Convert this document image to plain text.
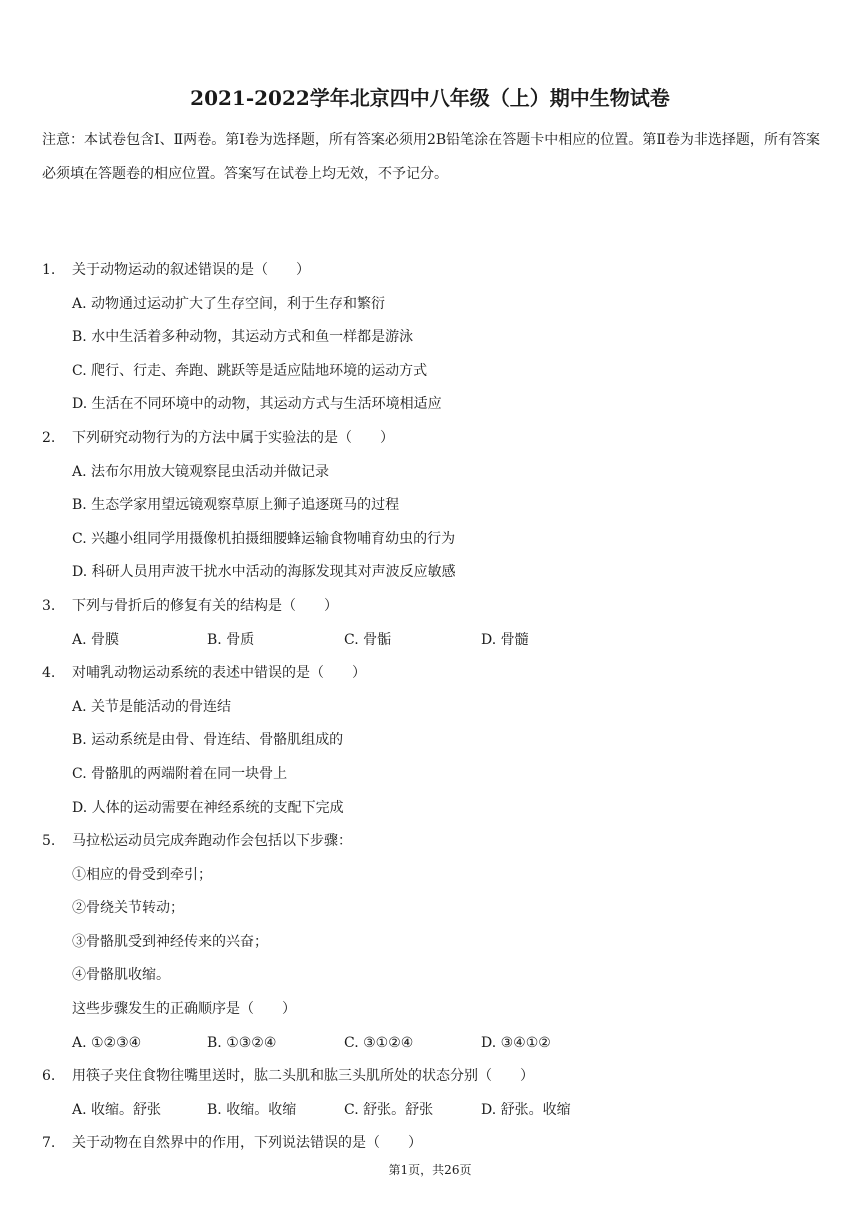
2021-2022学年北京四中八年级（上）期中生物试卷
注意：本试卷包含Ⅰ、Ⅱ两卷。第Ⅰ卷为选择题，所有答案必须用2B铅笔涂在答题卡中相应的位置。第Ⅱ卷为非选择题，所有答案必须填在答题卷的相应位置。答案写在试卷上均无效，不予记分。
1. 关于动物运动的叙述错误的是（　　）
A. 动物通过运动扩大了生存空间，利于生存和繁衍
B. 水中生活着多种动物，其运动方式和鱼一样都是游泳
C. 爬行、行走、奔跑、跳跃等是适应陆地环境的运动方式
D. 生活在不同环境中的动物，其运动方式与生活环境相适应
2. 下列研究动物行为的方法中属于实验法的是（　　）
A. 法布尔用放大镜观察昆虫活动并做记录
B. 生态学家用望远镜观察草原上狮子追逐斑马的过程
C. 兴趣小组同学用摄像机拍摄细腰蜂运输食物哺育幼虫的行为
D. 科研人员用声波干扰水中活动的海豚发现其对声波反应敏感
3. 下列与骨折后的修复有关的结构是（　　）
A. 骨膜	B. 骨质	C. 骨骺	D. 骨髓
4. 对哺乳动物运动系统的表述中错误的是（　　）
A. 关节是能活动的骨连结
B. 运动系统是由骨、骨连结、骨骼肌组成的
C. 骨骼肌的两端附着在同一块骨上
D. 人体的运动需要在神经系统的支配下完成
5. 马拉松运动员完成奔跑动作会包括以下步骤：
①相应的骨受到牵引；
②骨绕关节转动；
③骨骼肌受到神经传来的兴奋；
④骨骼肌收缩。
这些步骤发生的正确顺序是（　　）
A. ①②③④	B. ①③②④	C. ③①②④	D. ③④①②
6. 用筷子夹住食物往嘴里送时，肱二头肌和肱三头肌所处的状态分别（　　）
A. 收缩。舒张	B. 收缩。收缩	C. 舒张。舒张	D. 舒张。收缩
7. 关于动物在自然界中的作用，下列说法错误的是（　　）
第1页，共26页
